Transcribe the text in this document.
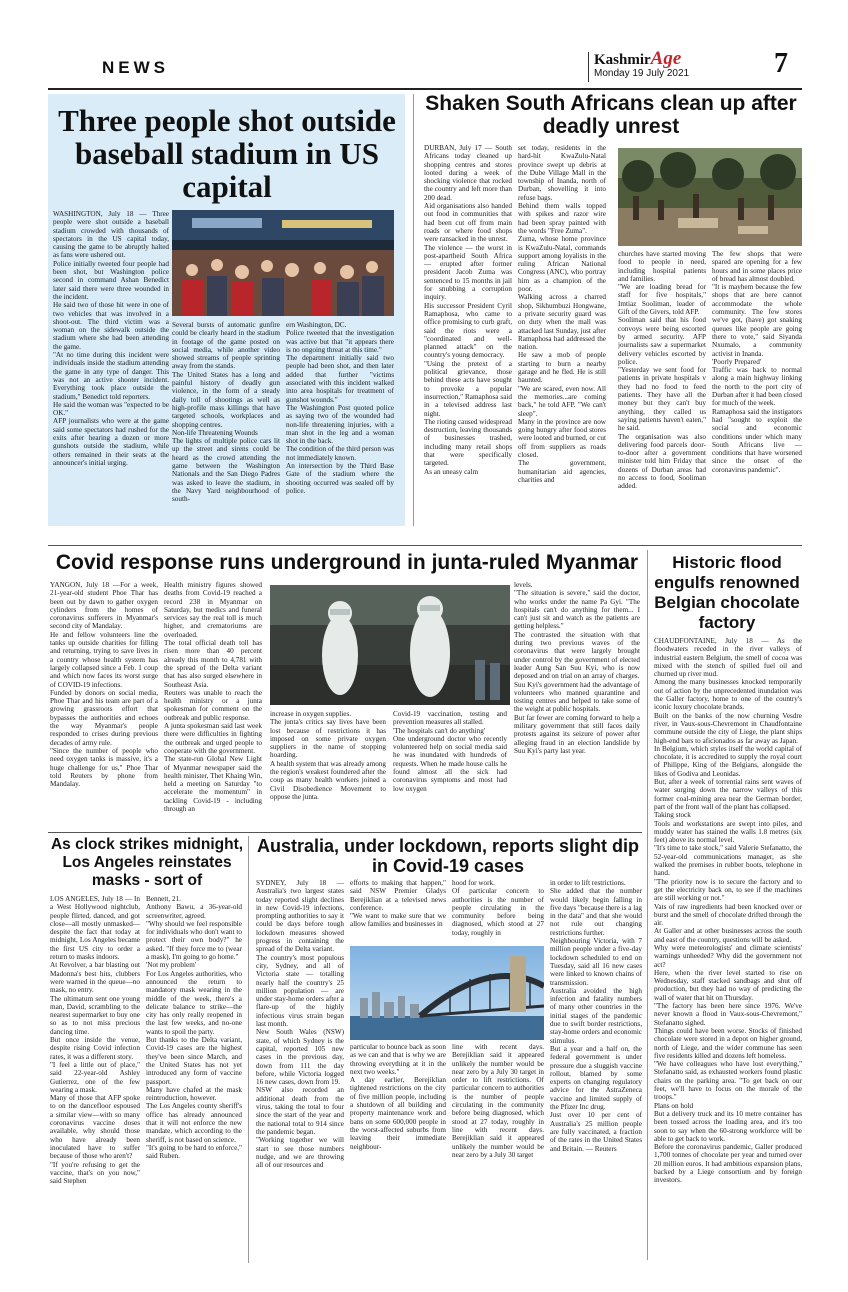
NEWS	KashmirAge
Monday 19 July 2021	7
Three people shot outside baseball stadium in US capital
WASHINGTON, July 18 — Three people were shot outside a baseball stadium crowded with thousands of spectators in the US capital today, causing the game to be abruptly halted as fans were ushered out.
Police initially tweeted four people had been shot, but Washington police second in command Ashan Benedict later said there were three wounded in the incident.
He said two of those hit were in one of two vehicles that was involved in a shoot-out. The third victim was a woman on the sidewalk outside the stadium where she had been attending the game.
"At no time during this incident were individuals inside the stadium attending the game in any type of danger. This was not an active shooter incident. Everything took place outside the stadium," Benedict told reporters.
He said the woman was "expected to be OK."
AFP journalists who were at the game said some spectators had rushed for the exits after hearing a dozen or more gunshots outside the stadium, while others remained in their seats at the announcer's initial urging.
Several bursts of automatic gunfire could be clearly heard in the stadium in footage of the game posted on social media, while another video showed streams of people sprinting away from the stands.
The United States has a long and painful history of deadly gun violence, in the form of a steady daily toll of shootings as well as high-profile mass killings that have targeted schools, workplaces and shopping centres.
Non-life Threatening Wounds
The lights of multiple police cars lit up the street and sirens could be heard as the crowd attending the game between the Washington Nationals and the San Diego Padres was asked to leave the stadium, in the Navy Yard neighbourhood of south-
ern Washington, DC.
Police tweeted that the investigation was active but that "it appears there is no ongoing threat at this time."
The department initially said two people had been shot, and then later added that further "victims associated with this incident walked into area hospitals for treatment of gunshot wounds."
The Washington Post quoted police as saying two of the wounded had non-life threatening injuries, with a man shot in the leg and a woman shot in the back.
The condition of the third person was not immediately known.
An intersection by the Third Base Gate of the stadium where the shooting occurred was sealed off by police.
Shaken South Africans clean up after deadly unrest
DURBAN, July 17 — South Africans today cleaned up shopping centres and stores looted during a week of shocking violence that rocked the country and left more than 200 dead.
Aid organisations also handed out food in communities that had been cut off from main roads or where food shops were ransacked in the unrest.
The violence — the worst in post-apartheid South Africa — erupted after former president Jacob Zuma was sentenced to 15 months in jail for snubbing a corruption inquiry.
His successor President Cyril Ramaphosa, who came to office promising to curb graft, said the riots were a "coordinated and well-planned attack" on the country's young democracy.
"Using the pretext of a political grievance, those behind these acts have sought to provoke a popular insurrection," Ramaphosa said in a televised address last night.
The rioting caused widespread destruction, leaving thousands of businesses trashed, including many retail shops that were specifically targeted.
As an uneasy calm
set today, residents in the hard-hit KwaZulu-Natal province swept up debris at the Dube Village Mall in the township of Inanda, north of Durban, shovelling it into refuse bags.
Behind them walls topped with spikes and razor wire had been spray painted with the words "Free Zuma".
Zuma, whose home province is KwaZulu-Natal, commands support among loyalists in the ruling African National Congress (ANC), who portray him as a champion of the poor.
Walking across a charred shop, Sikhumbuzi Hongwane, a private security guard was on duty when the mall was attacked last Sunday, just after Ramaphosa had addressed the nation.
He saw a mob of people starting to burn a nearby garage and he fled. He is still haunted.
"We are scared, even now. All the memories...are coming back," he told AFP. "We can't sleep".
Many in the province are now going hungry after food stores were looted and burned, or cut off from suppliers as roads closed.
The government, humanitarian aid agencies, charities and
churches have started moving food to people in need, including hospital patients and families.
"We are loading bread for staff for five hospitals," Imtiaz Sooliman, leader of Gift of the Givers, told AFP.
Sooliman said that his food convoys were being escorted by armed security. AFP journalists saw a supermarket delivery vehicles escorted by police.
"Yesterday we sent food for patients in private hospitals v they had no food to feed patients. They have all the money but they can't buy anything, they called us saying patients haven't eaten," he said.
The organisation was also delivering food parcels door-to-door after a government minister told him Friday that dozens of Durban areas had no access to food, Sooliman added.
The few shops that were spared are opening for a few hours and in some places price of bread has almost doubled.
"It is mayhem because the few shops that are here cannot accommodate the whole community. The few stores we've got, (have) got snaking queues like people are going there to vote," said Siyanda Nxumalo, a community activist in Inanda.
'Poorly Prepared'
Traffic was back to normal along a main highway linking the north to the port city of Durban after it had been closed for much of the week.
Ramaphosa said the instigators had "sought to exploit the social and economic conditions under which many South Africans live — conditions that have worsened since the onset of the coronavirus pandemic".
Covid response runs underground in junta-ruled Myanmar
YANGON, July 18 —For a week, 21-year-old student Phoe Thar has been out by dawn to gather oxygen cylinders from the homes of coronavirus sufferers in Myanmar's second city of Mandalay.
He and fellow volunteers line the tanks up outside charities for filling and returning, trying to save lives in a country whose health system has largely collapsed since a Feb. 1 coup and which now faces its worst surge of COVID-19 infections.
Funded by donors on social media, Phoe Thar and his team are part of a growing grassroots effort that bypasses the authorities and echoes the way Myanmar's people responded to crises during previous decades of army rule.
"Since the number of people who need oxygen tanks is massive, it's a huge challenge for us," Phoe Thar told Reuters by phone from Mandalay.
Health ministry figures showed deaths from Covid-19 reached a record 238 in Myanmar on Saturday, but medics and funeral services say the real toll is much higher, and crematoriums are overloaded.
The total official death toll has risen more than 40 percent already this month to 4,781 with the spread of the Delta variant that has also surged elsewhere in Southeast Asia.
Reuters was unable to reach the health ministry or a junta spokesman for comment on the outbreak and public response.
A junta spokesman said last week there were difficulties in fighting the outbreak and urged people to cooperate with the government.
The state-run Global New Light of Myanmar newspaper said the health minister, Thet Khaing Win, held a meeting on Saturday "to accelerate the momentum" in tackling Covid-19 - including through an
increase in oxygen supplies.
The junta's critics say lives have been lost because of restrictions it has imposed on some private oxygen suppliers in the name of stopping hoarding.
A health system that was already among the region's weakest foundered after the coup as many health workers joined a Civil Disobedience Movement to oppose the junta.
Covid-19 vaccination, testing and prevention measures all stalled.
'The hospitals can't do anything'
One underground doctor who recently volunteered help on social media said he was inundated with hundreds of requests. When he made house calls he found almost all the sick had coronavirus symptoms and most had low oxygen
levels.
"The situation is severe," said the doctor, who works under the name Pa Gyi. "The hospitals can't do anything for them... I can't just sit and watch as the patients are getting helpless."
The contrasted the situation with that during two previous waves of the coronavirus that were largely brought under control by the government of elected leader Aung San Suu Kyi, who is now deposed and on trial on an array of charges.
Suu Kyi's government had the advantage of volunteers who manned quarantine and testing centres and helped to take some of the weight at public hospitals.
But far fewer are coming forward to help a military government that still faces daily protests against its seizure of power after alleging fraud in an election landslide by Suu Kyi's party last year.
Historic flood engulfs renowned Belgian chocolate factory
CHAUDFONTAINE, July 18 — As the floodwaters receded in the river valleys of industrial eastern Belgium, the smell of cocoa was mixed with the stench of spilled fuel oil and churned up river mud.
Among the many businesses knocked temporarily out of action by the unprecedented inundation was the Galler factory, home to one of the country's iconic luxury chocolate brands.
Built on the banks of the now churning Vesdre river, in Vaux-sous-Chevremont in Chaudfontaine commune outside the city of Liege, the plant ships high-end bars to aficionados as far away as Japan.
In Belgium, which styles itself the world capital of chocolate, it is accredited to supply the royal court of Philippe, King of the Belgians, alongside the likes of Godiva and Leonidas.
But, after a week of torrential rains sent waves of water surging down the narrow valleys of this former coal-mining area near the German border, part of the front wall of the plant has collapsed.
Taking stock
Tools and workstations are swept into piles, and muddy water has stained the walls 1.8 metres (six feet) above its normal level.
"It's time to take stock," said Valerie Stefanatto, the 52-year-old communications manager, as she walked the premises in rubber boots, telephone in hand.
"The priority now is to secure the factory and to get the electricity back on, to see if the machines are still working or not."
Vats of raw ingredients had been knocked over or burst and the smell of chocolate drifted through the air.
At Galler and at other businesses across the south and east of the country, questions will be asked.
Why were meteorologists' and climate scientists' warnings unheeded? Why did the government not act?
Here, when the river level started to rise on Wednesday, staff stacked sandbags and shut off production, but they had no way of predicting the wall of water that hit on Thursday.
"The factory has been here since 1976. We've never known a flood in Vaux-sous-Chevremont," Stefanatto sighed.
Things could have been worse. Stocks of finished chocolate were stored in a depot on higher ground, north of Liege, and the wider commune has seen five residents killed and dozens left homeless.
"We have colleagues who have lost everything," Stefanatto said, as exhausted workers found plastic chairs on the parking area. "To get back on our feet, we'll have to focus on the morale of the troops."
Plans on hold
But a delivery truck and its 10 metre container has been tossed across the loading area, and it's too soon to say when the 60-strong workforce will be able to get back to work.
Before the coronavirus pandemic, Galler produced 1,700 tonnes of chocolate per year and turned over 20 million euros. It had ambitious expansion plans, backed by a Liege consortium and by foreign investors.
As clock strikes midnight, Los Angeles reinstates masks - sort of
LOS ANGELES, July 18 — In a West Hollywood nightclub, people flirted, danced, and got close—all mostly unmasked—despite the fact that today at midnight, Los Angeles became the first US city to order a return to masks indoors.
At Revolver, a bar blasting out Madonna's best hits, clubbers were warned in the queue—no mask, no entry.
The ultimatum sent one young man, David, scrambling to the nearest supermarket to buy one so as to not miss precious dancing time.
But once inside the venue, despite rising Covid infection rates, it was a different story.
"I feel a little out of place," said 22-year-old Ashley Gutierrez, one of the few wearing a mask.
Many of those that AFP spoke to on the dancefloor espoused a similar view—with so many coronavirus vaccine doses available, why should those who have already been inoculated have to suffer because of those who aren't?
"If you're refusing to get the vaccine, that's on you now," said Stephen
Bennett, 21.
Anthony Bawu, a 36-year-old screenwriter, agreed.
"Why should we feel responsible for individuals who don't want to protect their own body?" he asked. "If they force me to (wear a mask), I'm going to go home."
'Not my problem'
For Los Angeles authorities, who announced the return to mandatory mask wearing in the middle of the week, there's a delicate balance to strike—the city has only really reopened in the last few weeks, and no-one wants to spoil the party.
But thanks to the Delta variant, Covid-19 cases are the highest they've been since March, and the United States has not yet introduced any form of vaccine passport.
Many have chafed at the mask reintroduction, however.
The Los Angeles county sheriff's office has already announced that it will not enforce the new mandate, which according to the sheriff, is not based on science.
"It's going to be hard to enforce," said Ruben.
Australia, under lockdown, reports slight dip in Covid-19 cases
SYDNEY, July 18 — Australia's two largest states today reported slight declines in new Covid-19 infections, prompting authorities to say it could be days before tough lockdown measures showed progress in containing the spread of the Delta variant.
The country's most populous city, Sydney, and all of Victoria state — totalling nearly half the country's 25 million population — are under stay-home orders after a flare-up of the highly infectious virus strain began last month.
New South Wales (NSW) state, of which Sydney is the capital, reported 105 new cases in the previous day, down from 111 the day before, while Victoria logged 16 new cases, down from 19.
NSW also recorded an additional death from the virus, taking the total to four since the start of the year and the national total to 914 since the pandemic began.
"Working together we will start to see those numbers nudge, and we are throwing all of our resources and
efforts to making that happen," said NSW Premier Gladys Berejiklian at a televised news conference.
"We want to make sure that we allow families and businesses in
hood for work.
Of particular concern to authorities is the number of people circulating in the community before being diagnosed, which stood at 27 today, roughly in
particular to bounce back as soon as we can and that is why we are throwing everything at it in the next two weeks."
A day earlier, Berejiklian tightened restrictions on the city of five million people, including a shutdown of all building and property maintenance work and bans on some 600,000 people in the worst-affected suburbs from leaving their immediate neighbour-
line with recent days. Berejiklian said it appeared unlikely the number would be near zero by a July 30 target in order to lift restrictions. Of particular concern to authorities is the number of people circulating in the community before being diagnosed, which stood at 27 today, roughly in line with recent days. Berejiklian said it appeared unlikely the number would be near zero by a July 30 target
in order to lift restrictions.
She added that the number would likely begin falling in five days "because there is a lag in the data" and that she would not rule out changing restrictions further.
Neighbouring Victoria, with 7 million people under a five-day lockdown scheduled to end on Tuesday, said all 16 new cases were linked to known chains of transmission.
Australia avoided the high infection and fatality numbers of many other countries in the initial stages of the pandemic due to swift border restrictions, stay-home orders and economic stimulus.
But a year and a half on, the federal government is under pressure due a sluggish vaccine rollout, blamed by some experts on changing regulatory advice for the AstraZeneca vaccine and limited supply of the Pfizer Inc drug.
Just over 10 per cent of Australia's 25 million people are fully vaccinated, a fraction of the rates in the United States and Britain. — Reuters
